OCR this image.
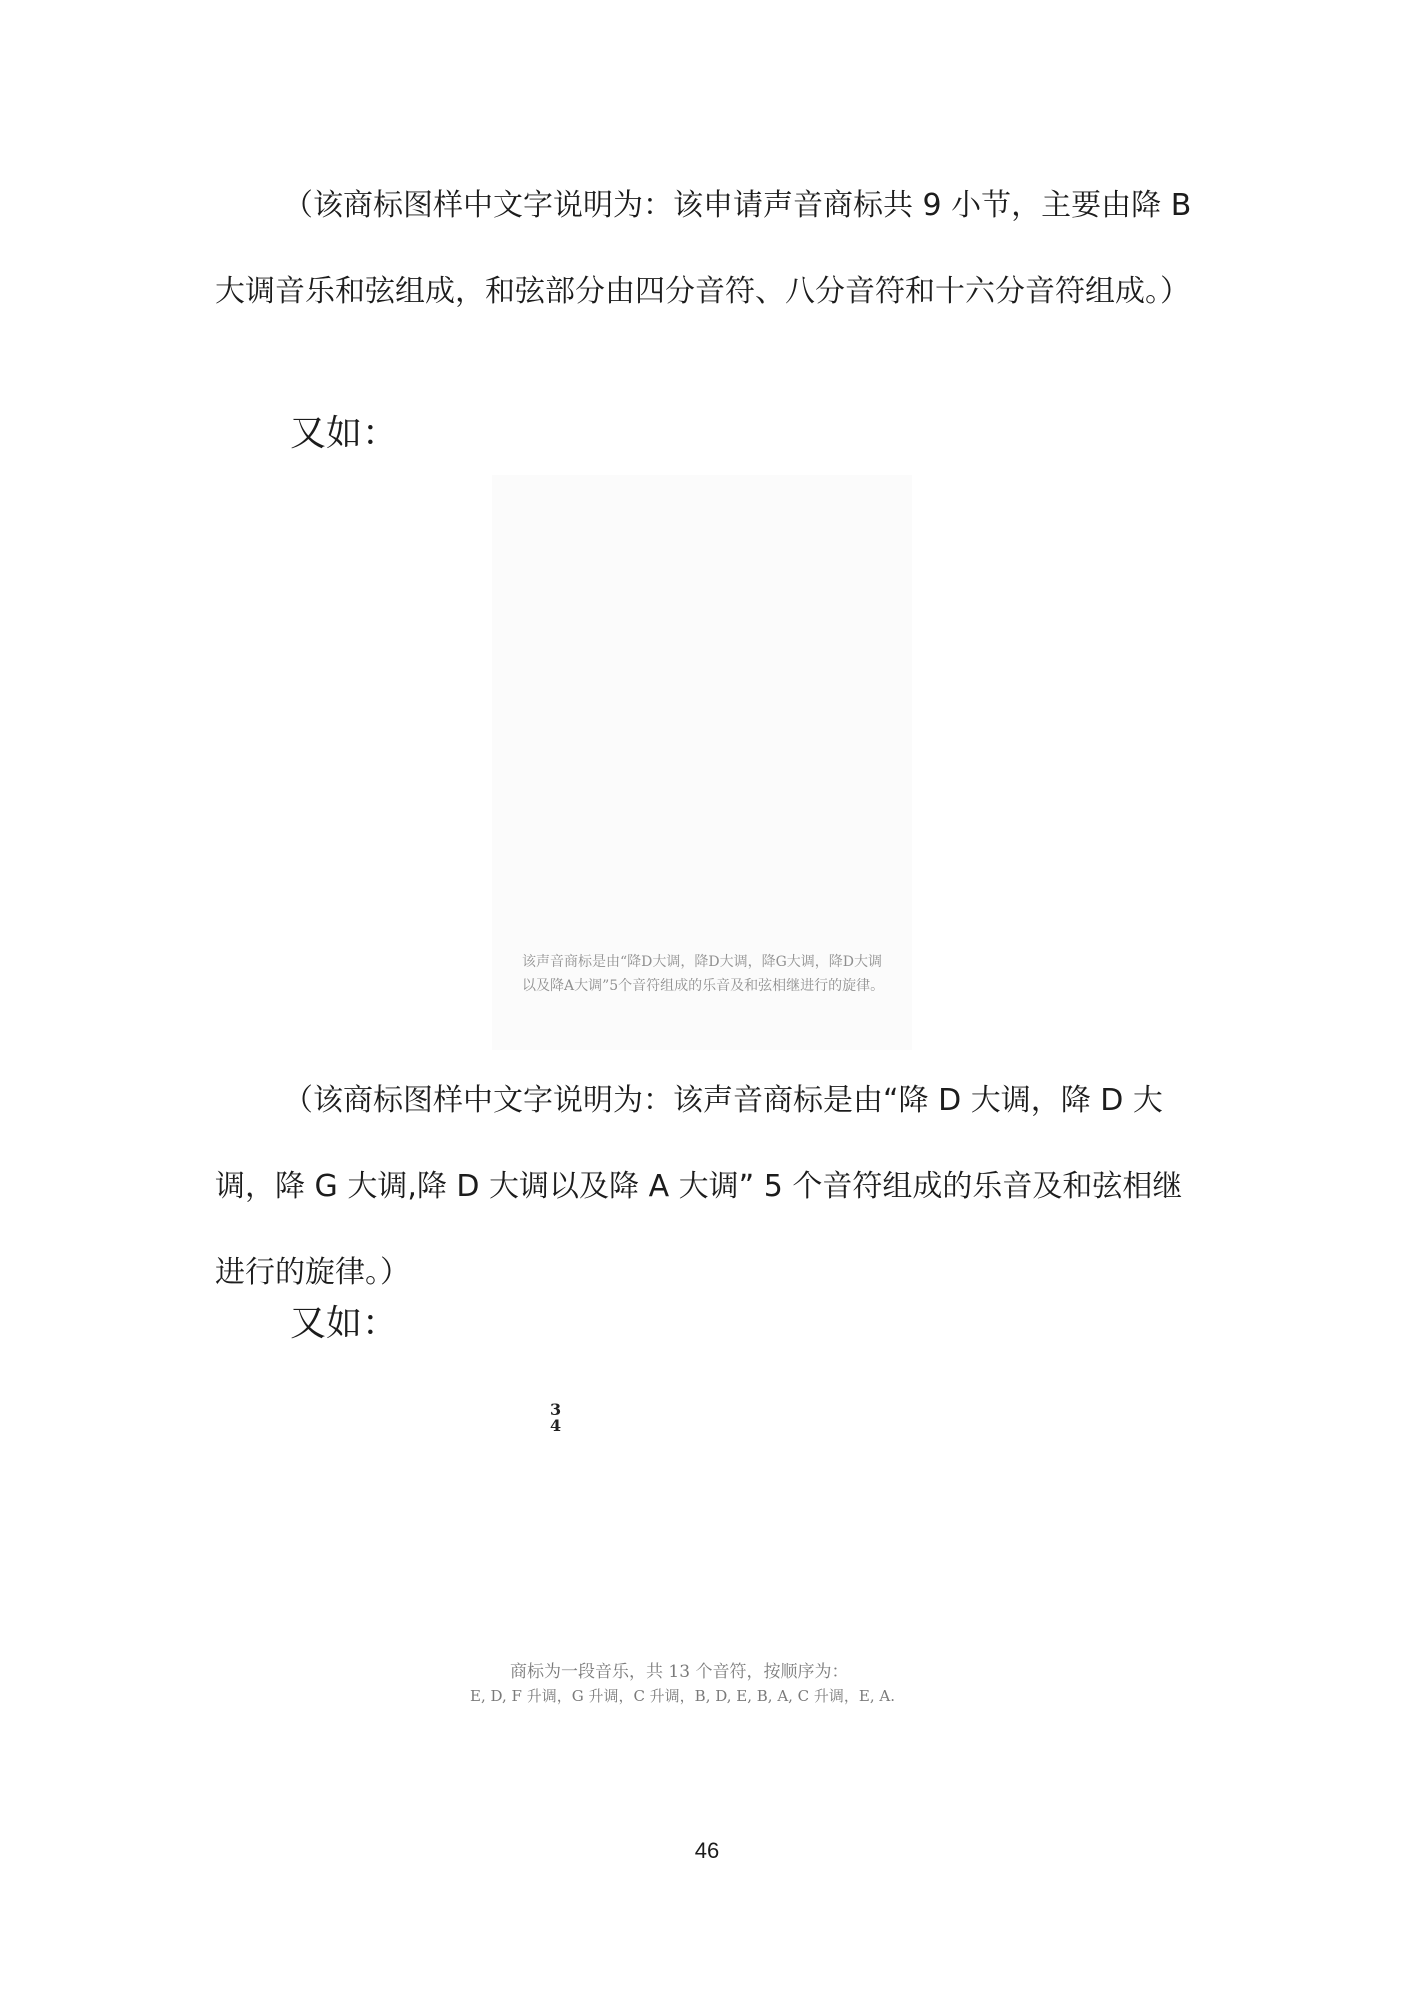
（该商标图样中文字说明为：该申请声音商标共 9 小节，主要由降 B 大调音乐和弦组成，和弦部分由四分音符、八分音符和十六分音符组成。）

又如：
该声音商标是由“降D大调，降D大调，降G大调，降D大调以及降A大调”5个音符组成的乐音及和弦相继进行的旋律。

（该商标图样中文字说明为：该声音商标是由“降 D 大调，降 D 大调，降 G 大调,降 D 大调以及降 A 大调” 5 个音符组成的乐音及和弦相继进行的旋律。）

又如：
3
4
商标为一段音乐，共 13 个音符，按顺序为：
E, D, F 升调，G 升调，C 升调，B, D, E, B, A, C 升调，E, A.
46
